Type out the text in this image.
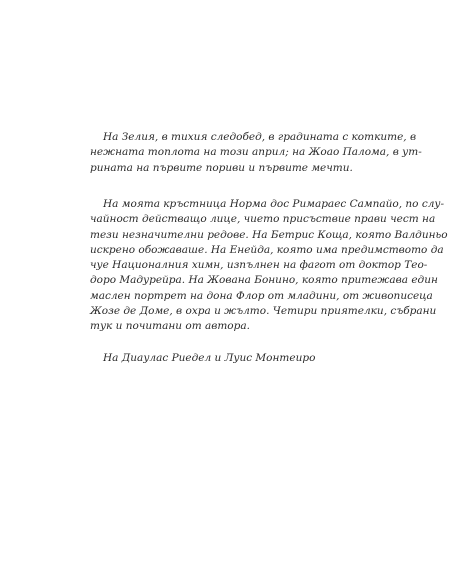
На Зелия, в тихия следобед, в градината с котките, в
нежната топлота на този април; на Жоао Палома, в ут-
рината на първите пориви и първите мечти.
На моята кръстница Норма дос Римараес Сампайо, по слу-
чайност действащо лице, чието присъствие прави чест на
тези незначителни редове. На Бетрис Коща, която Валдиньо
искрено обожаваше. На Енейда, която има предимството да
чуе Националния химн, изпълнен на фагот от доктор Тео-
доро Мадурейра. На Жована Бонино, която притежава един
маслен портрет на дона Флор от младини, от живописеца
Жозе де Доме, в охра и жълто. Четири приятелки, събрани
тук и почитани от автора.
На Диаулас Риедел и Луис Монтеиро
